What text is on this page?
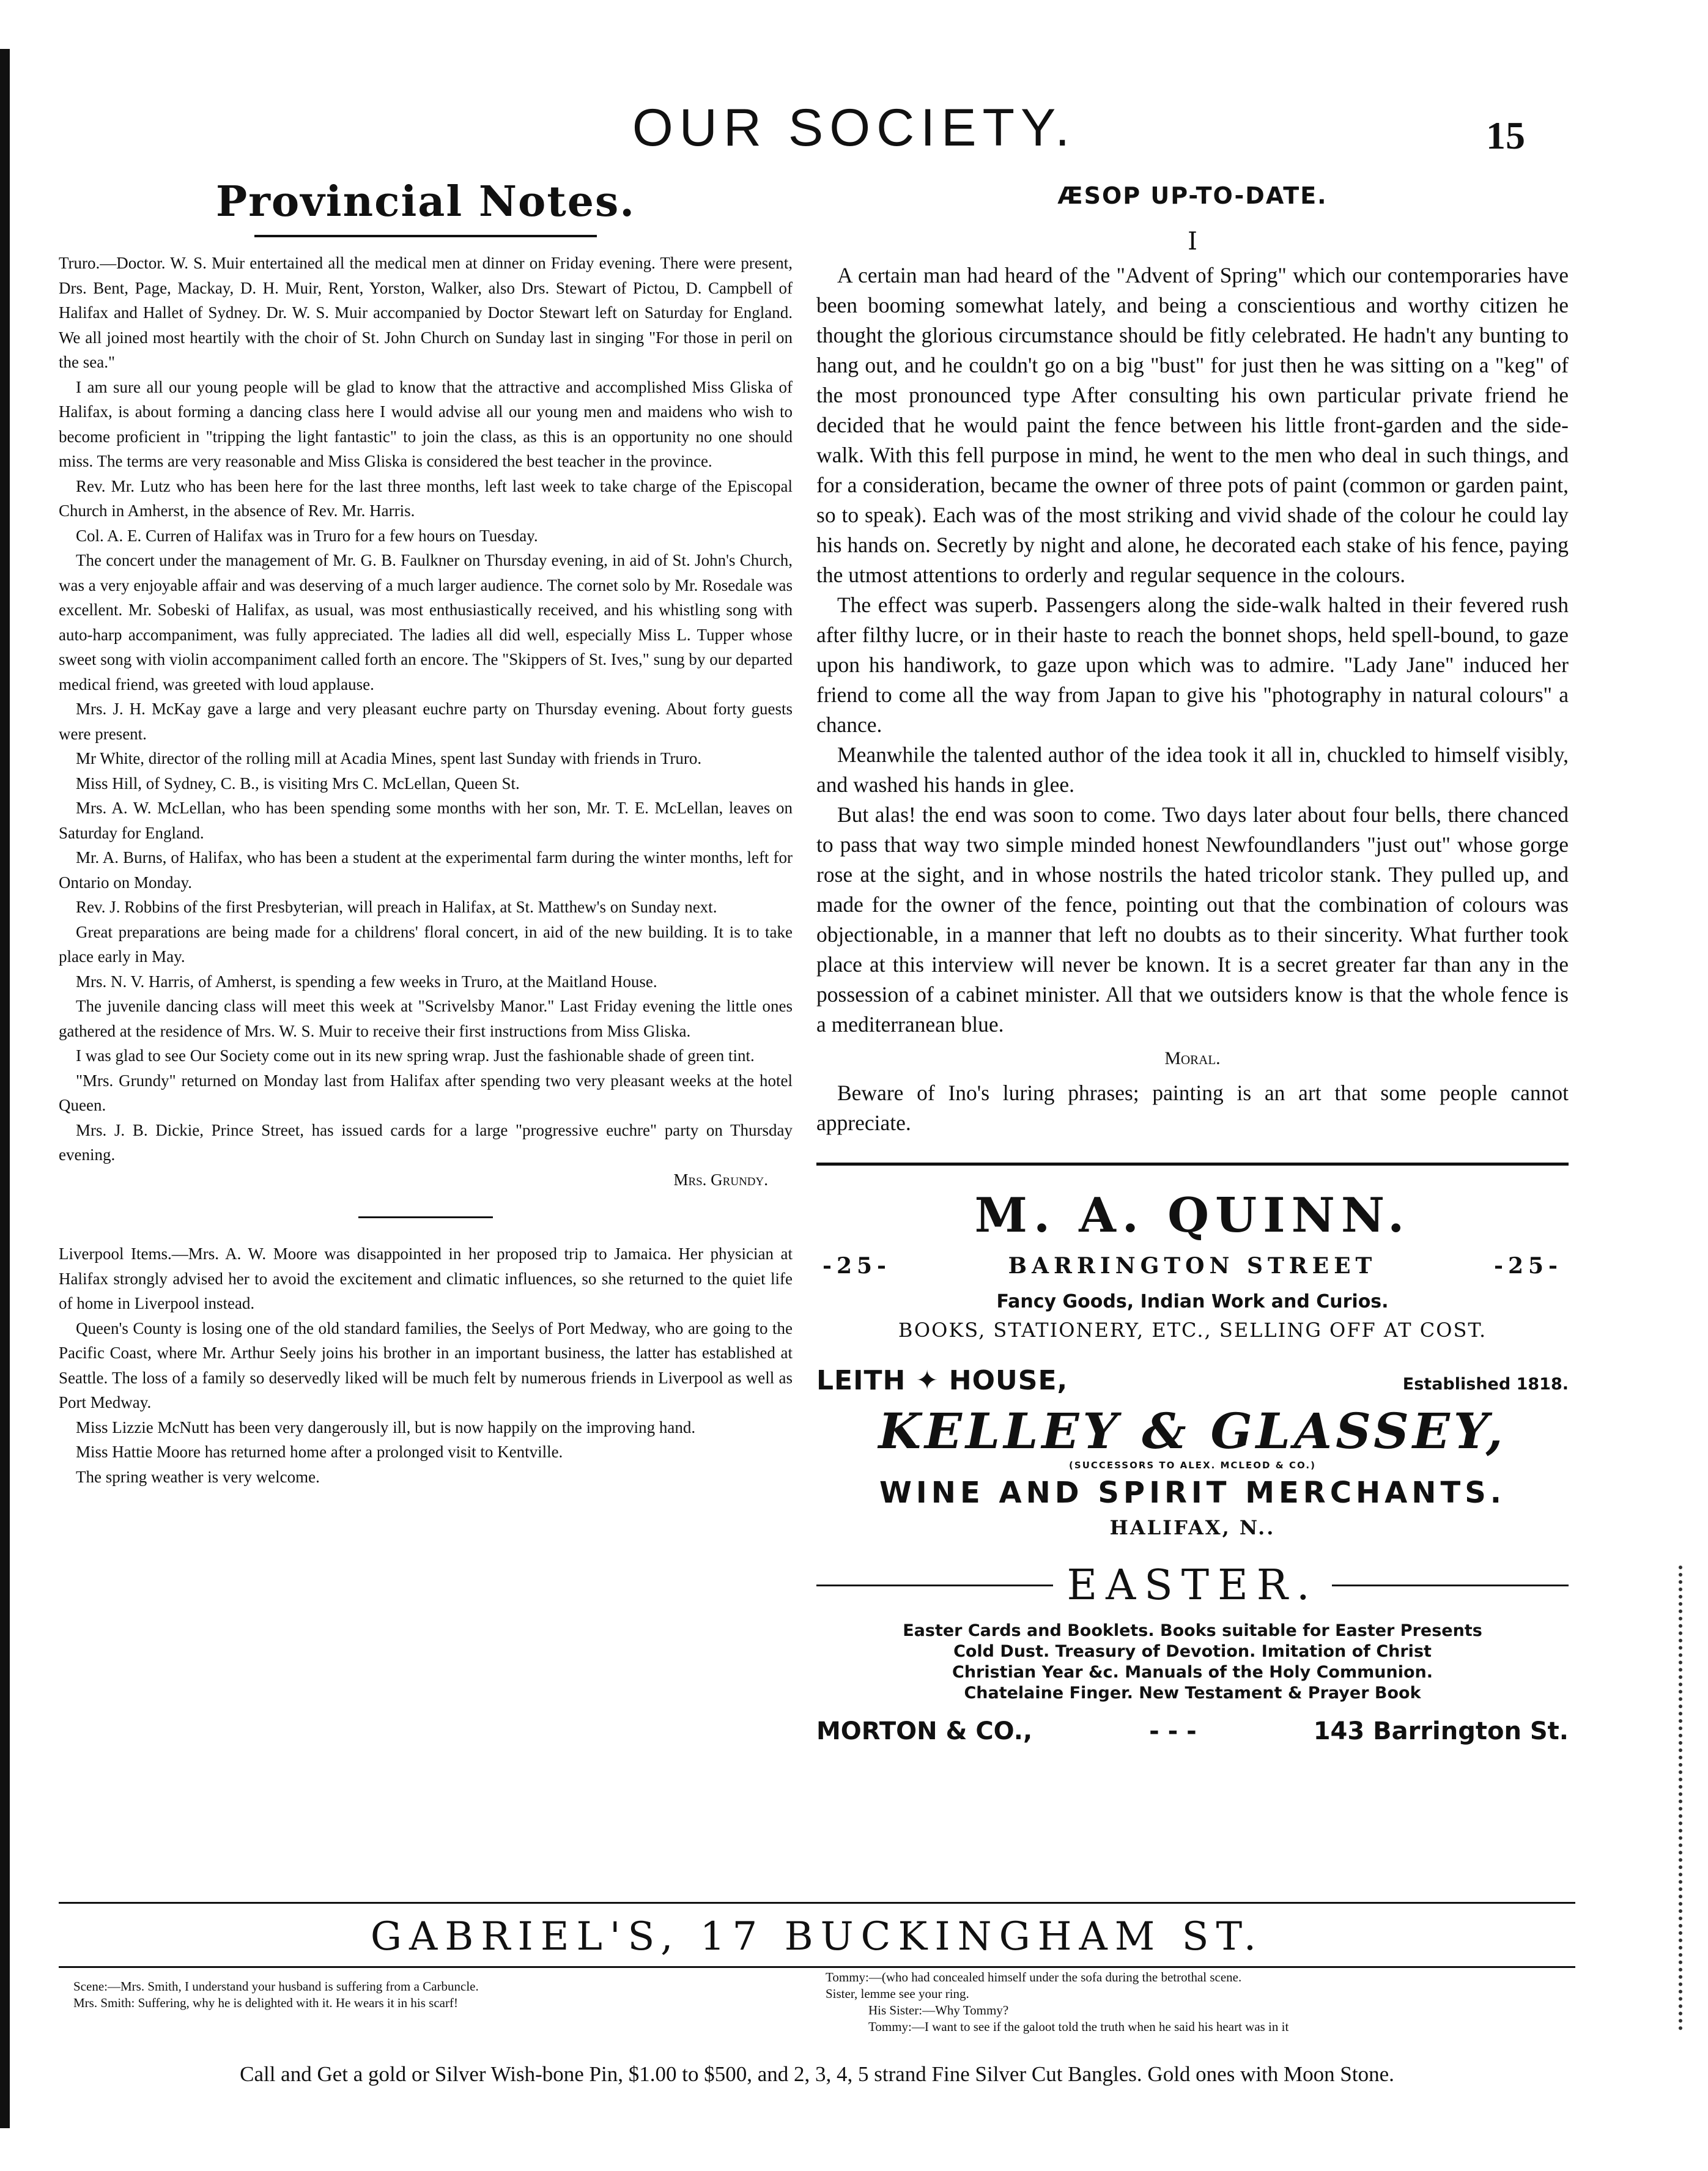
OUR SOCIETY.	15
Provincial Notes.

Truro.—Doctor. W. S. Muir entertained all the medical men at dinner on Friday evening. There were present, Drs. Bent, Page, Mackay, D. H. Muir, Rent, Yorston, Walker, also Drs. Stewart of Pictou, D. Campbell of Halifax and Hallet of Sydney. Dr. W. S. Muir accompanied by Doctor Stewart left on Saturday for England. We all joined most heartily with the choir of St. John Church on Sunday last in singing "For those in peril on the sea."

I am sure all our young people will be glad to know that the attractive and accomplished Miss Gliska of Halifax, is about forming a dancing class here I would advise all our young men and maidens who wish to become proficient in "tripping the light fantastic" to join the class, as this is an opportunity no one should miss. The terms are very reasonable and Miss Gliska is considered the best teacher in the province.

Rev. Mr. Lutz who has been here for the last three months, left last week to take charge of the Episcopal Church in Amherst, in the absence of Rev. Mr. Harris.

Col. A. E. Curren of Halifax was in Truro for a few hours on Tuesday.

The concert under the management of Mr. G. B. Faulkner on Thursday evening, in aid of St. John's Church, was a very enjoyable affair and was deserving of a much larger audience. The cornet solo by Mr. Rosedale was excellent. Mr. Sobeski of Halifax, as usual, was most enthusiastically received, and his whistling song with auto-harp accompaniment, was fully appreciated. The ladies all did well, especially Miss L. Tupper whose sweet song with violin accompaniment called forth an encore. The "Skippers of St. Ives," sung by our departed medical friend, was greeted with loud applause.

Mrs. J. H. McKay gave a large and very pleasant euchre party on Thursday evening. About forty guests were present.

Mr White, director of the rolling mill at Acadia Mines, spent last Sunday with friends in Truro.

Miss Hill, of Sydney, C. B., is visiting Mrs C. McLellan, Queen St.

Mrs. A. W. McLellan, who has been spending some months with her son, Mr. T. E. McLellan, leaves on Saturday for England.

Mr. A. Burns, of Halifax, who has been a student at the experimental farm during the winter months, left for Ontario on Monday.

Rev. J. Robbins of the first Presbyterian, will preach in Halifax, at St. Matthew's on Sunday next.

Great preparations are being made for a childrens' floral concert, in aid of the new building. It is to take place early in May.

Mrs. N. V. Harris, of Amherst, is spending a few weeks in Truro, at the Maitland House.

The juvenile dancing class will meet this week at "Scrivelsby Manor." Last Friday evening the little ones gathered at the residence of Mrs. W. S. Muir to receive their first instructions from Miss Gliska.

I was glad to see Our Society come out in its new spring wrap. Just the fashionable shade of green tint.

"Mrs. Grundy" returned on Monday last from Halifax after spending two very pleasant weeks at the hotel Queen.

Mrs. J. B. Dickie, Prince Street, has issued cards for a large "progressive euchre" party on Thursday evening.

Mrs. Grundy.

Liverpool Items.—Mrs. A. W. Moore was disappointed in her proposed trip to Jamaica. Her physician at Halifax strongly advised her to avoid the excitement and climatic influences, so she returned to the quiet life of home in Liverpool instead.

Queen's County is losing one of the old standard families, the Seelys of Port Medway, who are going to the Pacific Coast, where Mr. Arthur Seely joins his brother in an important business, the latter has established at Seattle. The loss of a family so deservedly liked will be much felt by numerous friends in Liverpool as well as Port Medway.

Miss Lizzie McNutt has been very dangerously ill, but is now happily on the improving hand.

Miss Hattie Moore has returned home after a prolonged visit to Kentville.

The spring weather is very welcome.

ÆSOP UP-TO-DATE.
I

A certain man had heard of the "Advent of Spring" which our contemporaries have been booming somewhat lately, and being a conscientious and worthy citizen he thought the glorious circumstance should be fitly celebrated. He hadn't any bunting to hang out, and he couldn't go on a big "bust" for just then he was sitting on a "keg" of the most pronounced type After consulting his own particular private friend he decided that he would paint the fence between his little front-garden and the side-walk. With this fell purpose in mind, he went to the men who deal in such things, and for a consideration, became the owner of three pots of paint (common or garden paint, so to speak). Each was of the most striking and vivid shade of the colour he could lay his hands on. Secretly by night and alone, he decorated each stake of his fence, paying the utmost attentions to orderly and regular sequence in the colours.

The effect was superb. Passengers along the side-walk halted in their fevered rush after filthy lucre, or in their haste to reach the bonnet shops, held spell-bound, to gaze upon his handiwork, to gaze upon which was to admire. "Lady Jane" induced her friend to come all the way from Japan to give his "photography in natural colours" a chance.

Meanwhile the talented author of the idea took it all in, chuckled to himself visibly, and washed his hands in glee.

But alas! the end was soon to come. Two days later about four bells, there chanced to pass that way two simple minded honest Newfoundlanders "just out" whose gorge rose at the sight, and in whose nostrils the hated tricolor stank. They pulled up, and made for the owner of the fence, pointing out that the combination of colours was objectionable, in a manner that left no doubts as to their sincerity. What further took place at this interview will never be known. It is a secret greater far than any in the possession of a cabinet minister. All that we outsiders know is that the whole fence is a mediterranean blue.

Moral.

Beware of Ino's luring phrases; painting is an art that some people cannot appreciate.

M. A. QUINN.
-25-	BARRINGTON STREET	-25-
Fancy Goods, Indian Work and Curios.
BOOKS, STATIONERY, ETC., SELLING OFF AT COST.
LEITH ✦ HOUSE,	Established 1818.
KELLEY & GLASSEY,
(SUCCESSORS TO ALEX. MCLEOD & CO.)
WINE AND SPIRIT MERCHANTS.
HALIFAX, N..
EASTER.
Easter Cards and Booklets. Books suitable for Easter Presents
Cold Dust. Treasury of Devotion. Imitation of Christ
Christian Year &c. Manuals of the Holy Communion.
Chatelaine Finger. New Testament & Prayer Book
MORTON & CO.,	- - -	143 Barrington St.
GABRIEL'S, 17 BUCKINGHAM ST.
Scene:—Mrs. Smith, I understand your husband is suffering from a Carbuncle.
Mrs. Smith: Suffering, why he is delighted with it. He wears it in his scarf!
Tommy:—(who had concealed himself under the sofa during the betrothal scene.
Sister, lemme see your ring.
His Sister:—Why Tommy?
Tommy:—I want to see if the galoot told the truth when he said his heart was in it
Call and Get a gold or Silver Wish-bone Pin, $1.00 to $500, and 2, 3, 4, 5 strand Fine Silver Cut Bangles. Gold ones with Moon Stone.
